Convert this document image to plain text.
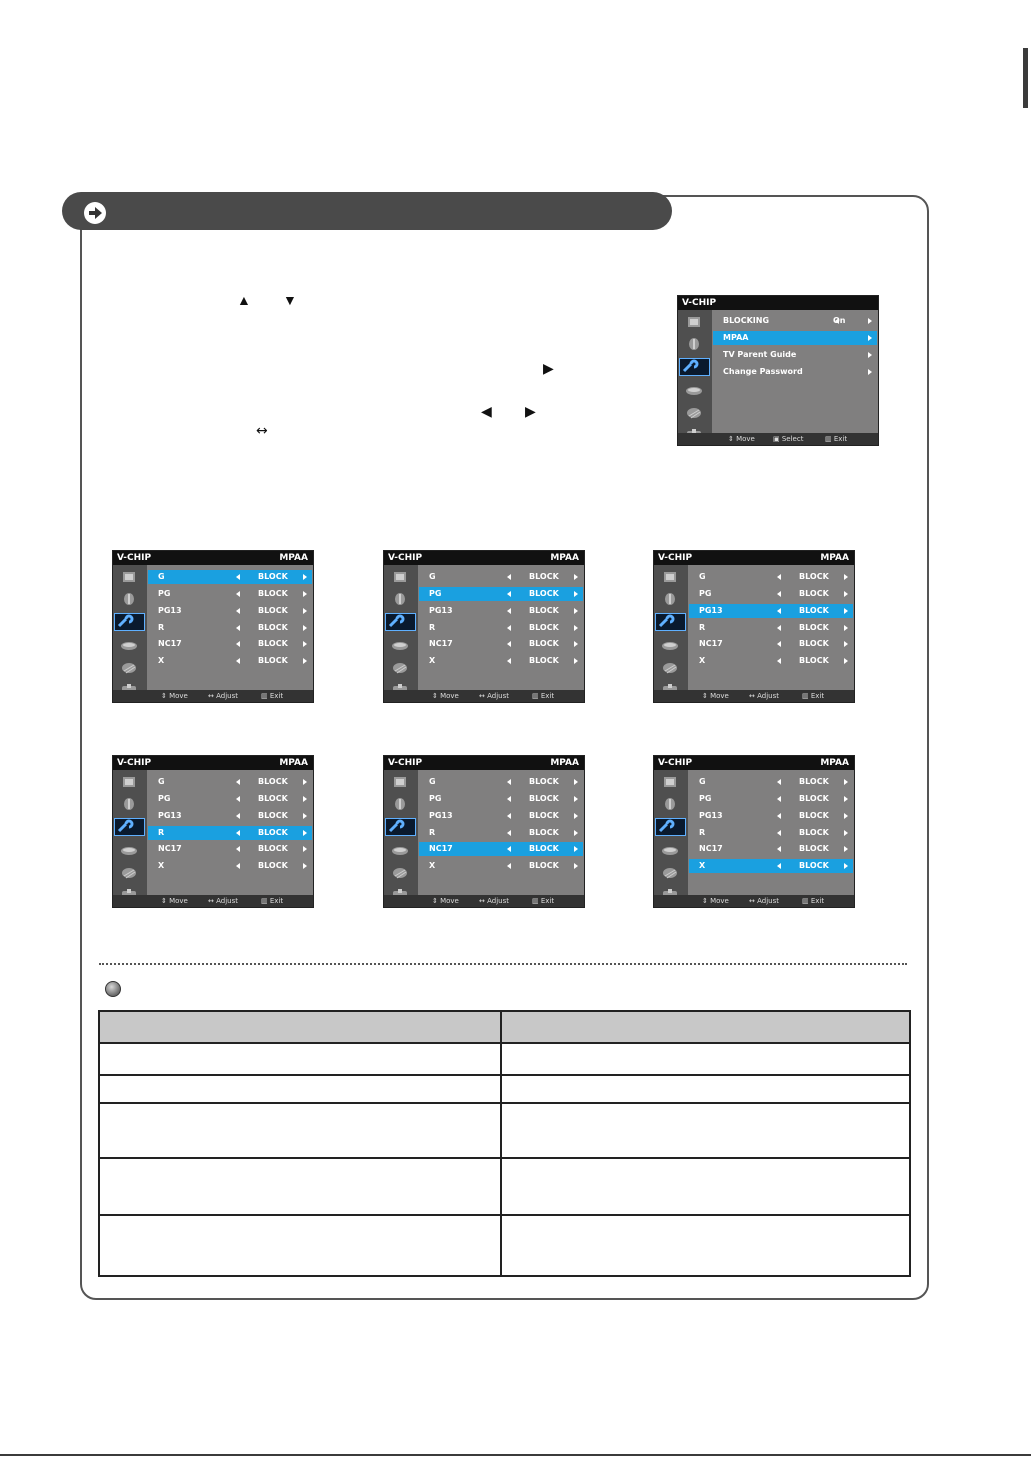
▲ ▼
▶
◀ ▶
↔
V-CHIP
⇕ Move	▣ Select	▥ Exit
BLOCKING	On
MPAA
TV Parent Guide
Change Password
V-CHIP	MPAA
⇕ Move	↔ Adjust	▥ Exit
G	BLOCK
PG	BLOCK
PG13	BLOCK
R	BLOCK
NC17	BLOCK
X	BLOCK
V-CHIP	MPAA
⇕ Move	↔ Adjust	▥ Exit
G	BLOCK
PG	BLOCK
PG13	BLOCK
R	BLOCK
NC17	BLOCK
X	BLOCK
V-CHIP	MPAA
⇕ Move	↔ Adjust	▥ Exit
G	BLOCK
PG	BLOCK
PG13	BLOCK
R	BLOCK
NC17	BLOCK
X	BLOCK
V-CHIP	MPAA
⇕ Move	↔ Adjust	▥ Exit
G	BLOCK
PG	BLOCK
PG13	BLOCK
R	BLOCK
NC17	BLOCK
X	BLOCK
V-CHIP	MPAA
⇕ Move	↔ Adjust	▥ Exit
G	BLOCK
PG	BLOCK
PG13	BLOCK
R	BLOCK
NC17	BLOCK
X	BLOCK
V-CHIP	MPAA
⇕ Move	↔ Adjust	▥ Exit
G	BLOCK
PG	BLOCK
PG13	BLOCK
R	BLOCK
NC17	BLOCK
X	BLOCK
